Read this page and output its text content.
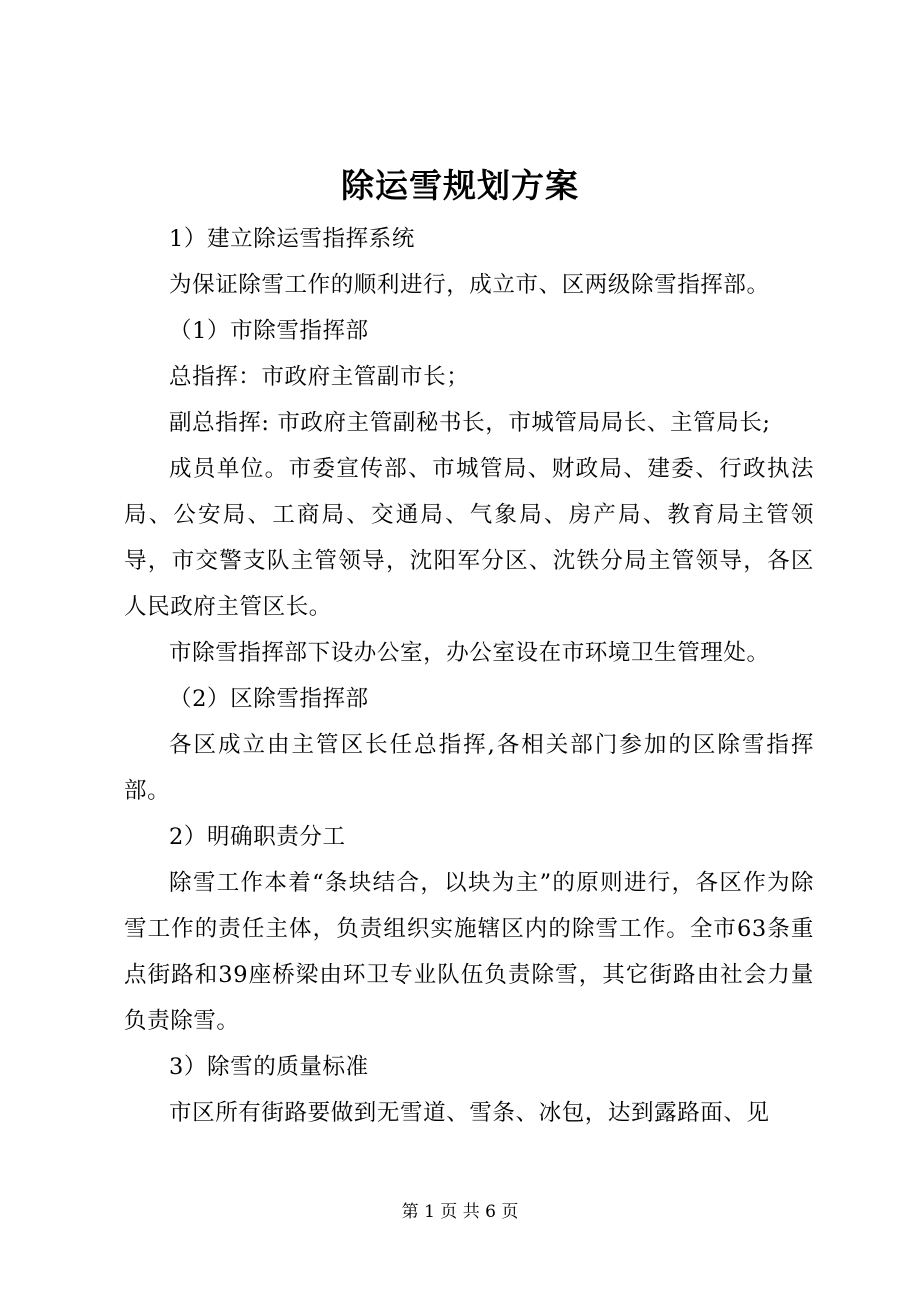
除运雪规划方案

1）建立除运雪指挥系统

为保证除雪工作的顺利进行，成立市、区两级除雪指挥部。

（1）市除雪指挥部

总指挥：市政府主管副市长；

副总指挥: 市政府主管副秘书长，市城管局局长、主管局长;

成员单位。市委宣传部、市城管局、财政局、建委、行政执法局、公安局、工商局、交通局、气象局、房产局、教育局主管领导，市交警支队主管领导，沈阳军分区、沈铁分局主管领导，各区人民政府主管区长。

市除雪指挥部下设办公室，办公室设在市环境卫生管理处。

（2）区除雪指挥部

各区成立由主管区长任总指挥,各相关部门参加的区除雪指挥部。

2）明确职责分工

除雪工作本着“条块结合，以块为主”的原则进行，各区作为除雪工作的责任主体，负责组织实施辖区内的除雪工作。全市63条重点街路和39座桥梁由环卫专业队伍负责除雪，其它街路由社会力量负责除雪。

3）除雪的质量标准

市区所有街路要做到无雪道、雪条、冰包，达到露路面、见

第 1 页 共 6 页
